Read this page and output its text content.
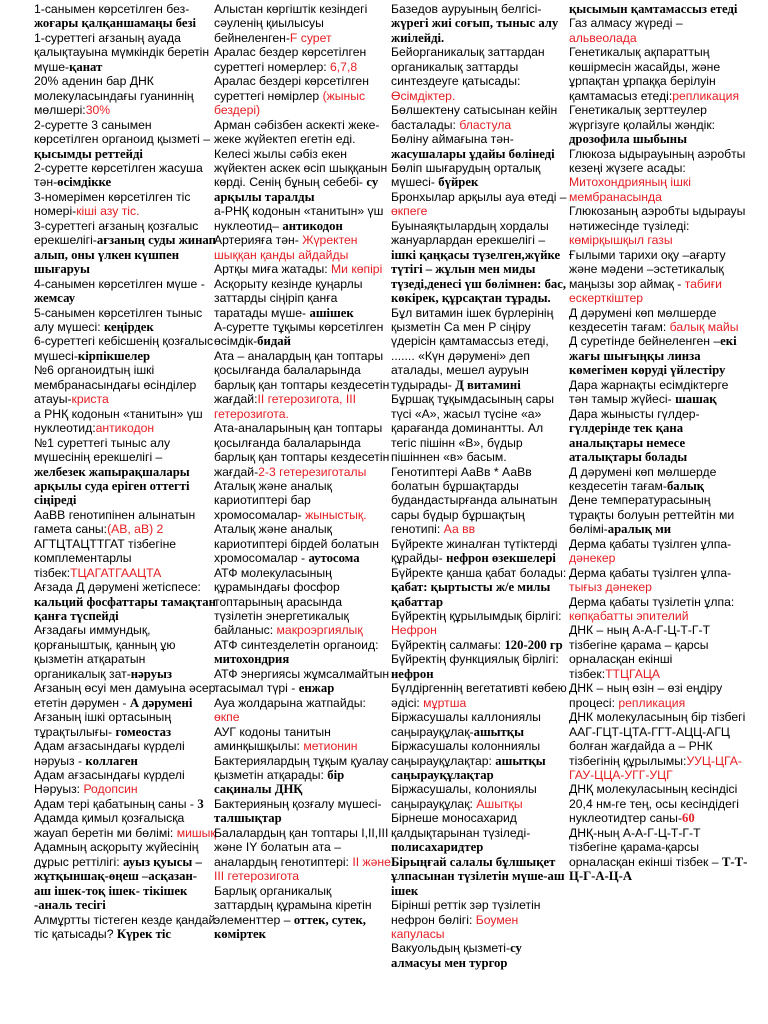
1-санымен көрсетілген без- жоғары қалқаншамаңы безі

1-суреттегі ағзаның ауада қалықтауына мүмкіндік беретін мүше-қанат

20% аденин бар ДНК молекуласындағы гуаниннің мөлшері:30%

2-суретте 3 санымен көрсетілген органоид қызметі – қысымды реттейді

2-суретте көрсетілген жасуша тән-өсімдікке

3-номерімен көрсетілген тіс номері-кіші азу тіс.

3-суреттегі ағзаның қозғалыс ерекшелігі-ағзаның суды жинап алып, оны үлкен күшпен шығаруы

4-санымен көрсетілген мүше - жемсау

5-санымен көрсетілген тыныс алу мүшесі: кеңірдек

6-суреттегі кебісшенің қозғалыс мүшесі-кірпікшелер

№6 органоидтың ішкі мембранасындағы өсінділер атауы-криста

а РНҚ кодонын «танитын» үш нуклеотид:антикодон

№1 суреттегі тыныс алу мүшесінің ерекшелігі – желбезек жапырақшалары арқылы суда еріген оттегті сіңіреді

АаВВ генотипінен алынатын гамета саны:(АВ, аВ) 2

АГТЦТАЦТТГАТ тізбегіне комплементарлы тізбек:ТЦАГАТГААЦТА

Ағзада Д дәрумені жетіспесе: кальций фосфаттары тамақтан қанға түспейді

Ағзадағы иммундық, қорғаныштық, қанның ұю қызметін атқаратын органикалық зат-нәруыз

Ағзаның өсуі мен дамуына әсер ететін дәрумен - А дәрумені

Ағзаның ішкі ортасының тұрақтылығы- гомеостаз

Адам ағзасындағы күрделі нәруыз - коллаген

Адам ағзасындағы күрделі Нәруыз: Родопсин

Адам тері қабатының саны - 3

Адамда қимыл қозғалысқа жауап беретін ми бөлімі: мишық

Адамның асқорыту жүйесінің дұрыс реттілігі: ауыз қуысы –жұтқыншақ-өңеш –асқазан- аш ішек-тоқ ішек- тікішек -аналь тесігі

Алмұртты тістеген кезде қандай тіс қатысады? Күрек тіс

Алыстан көргіштік кезіндегі сәуленің қиылысуы бейнеленген-F сурет

Аралас бездер көрсетілген суреттегі номерлер: 6,7,8

Аралас бездері көрсетілген суреттегі нөмірлер (жыныс бездері)

Арман сәбізбен аскекті жеке-жеке жүйектеп егетін еді. Келесі жылы сәбіз екен жүйектен аскек өсіп шыққанын көрді. Сенің бұның себебі- су арқылы таралды

а-РНҚ кодонын «танитын» үш нуклеотид– антикодон

Артерияға тән- Жүректен шыққан қанды айдайды

Артқы миға жатады: Ми көпірі

Асқорыту кезінде қуңарлы заттарды сіңіріп қанға таратады мүше- ашішек

А-суретте тұқымы көрсетілген өсімдік-бидай

Ата – аналардың қан топтары қосылғанда балаларында барлық қан топтары кездесетін жағдай:II гетерозигота, III гетерозигота.

Ата-аналарының қан топтары қосылғанда балаларында барлық қан топтары кездесетін жағдай-2-3 гетерезиготалы

Аталық және аналық кариотиптері бар хромосомалар- жыныстық.

Аталық және аналық кариотиптері бірдей болатын хромосомалар - аутосома

АТФ молекуласының құрамындағы фосфор топтарының арасында түзілетін энергетикалық байланыс: макроэргиялық

АТФ синтезделетін органоид: митохондрия

АТФ энергиясы жұмсалмайтын тасымал түрі - енжар

Ауа жолдарына жатпайды: өкпе

АУГ кодоны танитын аминқышқылы: метионин

Бактериялардың тұқым қуалау қызметін атқарады: бір сақиналы ДНҚ

Бактерияның қозғалу мүшесі-талшықтар

Балалардың қан топтары I,II,III және IY болатын ата – аналардың генотиптері: II және III гетерозигота

Барлық органикалық заттардың құрамына кіретін элементтер – оттек, сутек, көміртек

Базедов ауруының белгісі- жүрегі жиі соғып, тыныс алу жиілейді.

Бейорганикалық заттардан органикалық заттарды синтездеуге қатысады: Өсімдіктер.

Бөлшектену сатысынан кейін басталады: бластула

Бөліну аймағына тән- жасушалары ұдайы бөлінеді

Бөліп шығарудың орталық мүшесі- бүйрек

Бронхылар арқылы ауа өтеді –өкпеге

Буынаяқтылардың хордалы жануарлардан ерекшелігі – ішкі қаңқасы түзелген,жүйке түтігі – жұлын мен миды түзеді,денесі үш бөлімнен: бас, көкірек, құрсақтан тұрады.

Бұл витамин ішек бүрлерінің қызметін Са мен Р сіңіру үдерісін қамтамассыз етеді, ....... «Күн дәрумені» деп аталады, мешел ауруын тудырады- Д витамині

Бұршақ тұқымдасының сары түсі «А», жасыл түсіне «а» қарағанда доминантты. Ал тегіс пішінн «В», бүдыр пішіннен «в» басым. Генотиптері АаВв * АаВв болатын бұршақтарды будандастырғанда алынатын сары бүдыр бұршақтың генотипі: Аа вв

Бүйректе жиналған түтіктерді құрайды- нефрон өзекшелері

Бүйректе қанша қабат болады: қабат: қыртысты ж/е милы қабаттар

Бүйректің құрылымдық бірлігі: Нефрон

Бүйректің салмағы: 120-200 гр

Бүйректің функциялық бірлігі: нефрон

Бүлдіргеннің вегетативті көбею әдісі: мұртша

Біржасушалы каллониялы саңырауқұлақ-ашытқы

Біржасушалы колонниялы саңырауқұлақтар: ашытқы саңырауқұлақтар

Біржасушалы, колониялы саңырауқұлақ: Ашытқы

Бірнеше моносахарид қалдықтарынан түзіледі-полисахаридтер

Бірыңғай салалы бұлшықет ұлпасынан түзілетін мүше-аш ішек

Бірінші реттік зәр түзілетін нефрон бөлігі: Боумен капуласы

Вакуольдың қызметі-су алмасуы мен тургор

қысымын қамтамассыз етеді

Газ алмасу жүреді – альвеолада

Генетикалық ақпараттың көшірмесін жасайды, және ұрпақтан ұрпаққа берілуін қамтамасыз етеді:репликация

Генетикалық зерттеулер жүргізуге қолайлы жәндік: дрозофила шыбыны

Глюкоза ыдырауының аэробты кезеңі жүзеге асады: Митохондрияның ішкі мембранасында

Глюкозаның аэробты ыдырауы нәтижесінде түзіледі: көмірқышқыл газы

Ғылыми тарихи оқу –ағарту және мәдени –эстетикалық маңызы зор аймақ - табиғи ескерткіштер

Д дәрумені көп мөлшерде кездесетін тағам: балық майы

Д суретінде бейнеленген –екі жағы шығыңқы линза көмегімен көруді үйлестіру

Дара жарнақты есімдіктерге тән тамыр жүйесі- шашақ

Дара жынысты гүлдер-гүлдерінде тек қана аналықтары немесе аталықтары болады

Д дәрумені көп мөлшерде кездесетін тағам-балық

Дене температурасының тұрақты болуын реттейтін ми бөлімі-аралық ми

Дерма қабаты түзілген ұлпа-дәнекер

Дерма қабаты түзілген ұлпа-тығыз дәнекер

Дерма қабаты түзілетін ұлпа: көпқабатты эпителий

ДНК – ның А-А-Г-Ц-Т-Г-Т тізбегіне қарама – қарсы орналасқан екінші тізбек:ТТЦГАЦА

ДНК – ның өзін – өзі еңдіру процесі: репликация

ДНК молекуласының бір тізбегі ААГ-ГЦТ-ЦТА-ГГТ-АЦЦ-АГЦ болған жағдайда а – РНК тізбегінің құрылымы:УУЦ-ЦГА-ГАУ-ЦЦА-УГГ-УЦГ

ДНҚ молекуласының кесіндісі 20,4 нм-ге тең, осы кесіндідегі нуклеотидтер саны-60

ДНҚ-ның А-А-Г-Ц-Т-Г-Т тізбегіне қарама-қарсы орналасқан екінші тізбек – Т-Т-Ц-Г-А-Ц-А
